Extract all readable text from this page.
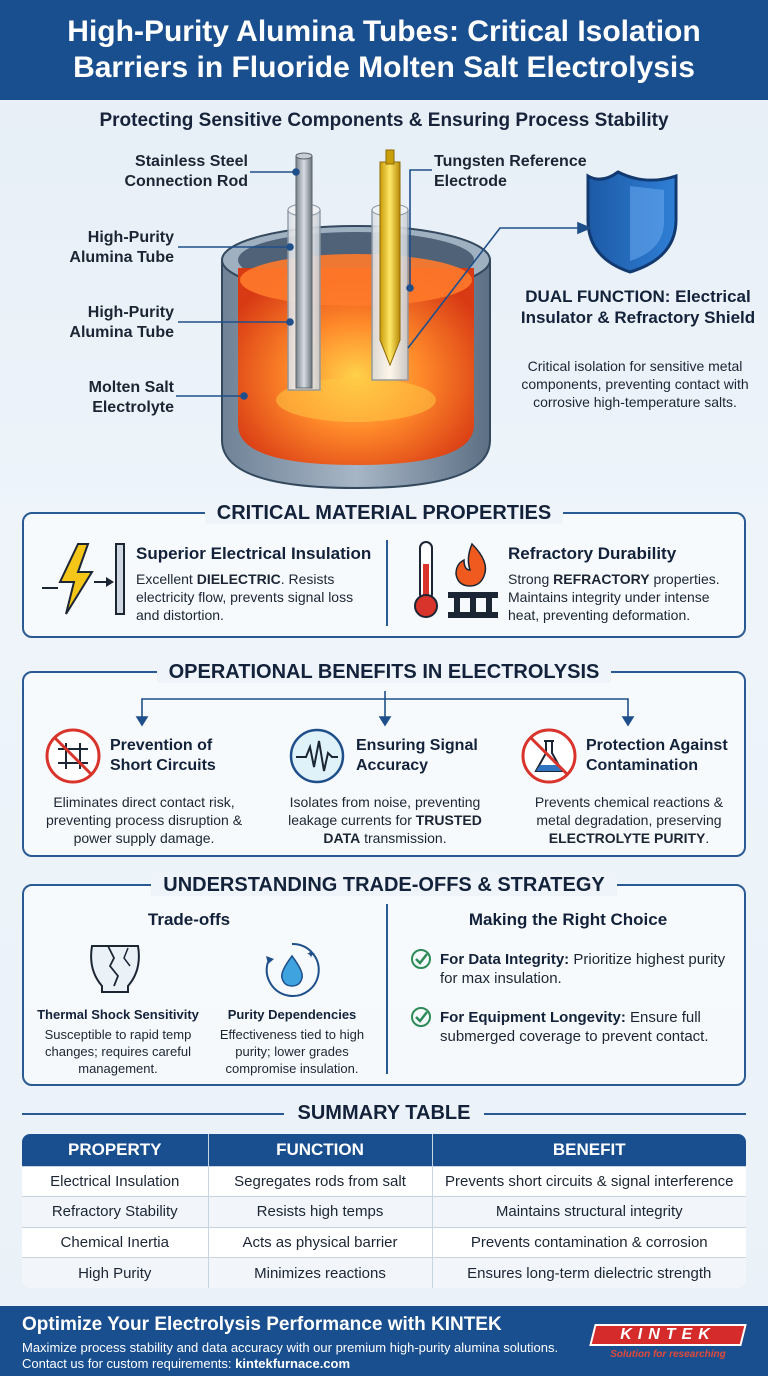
High-Purity Alumina Tubes: Critical Isolation Barriers in Fluoride Molten Salt Electrolysis
Protecting Sensitive Components & Ensuring Process Stability
Stainless Steel Connection Rod
High-Purity Alumina Tube
High-Purity Alumina Tube
Molten Salt Electrolyte
Tungsten Reference Electrode
DUAL FUNCTION: Electrical Insulator & Refractory Shield
Critical isolation for sensitive metal components, preventing contact with corrosive high-temperature salts.
CRITICAL MATERIAL PROPERTIES
Superior Electrical Insulation
Excellent DIELECTRIC. Resists electricity flow, prevents signal loss and distortion.
Refractory Durability
Strong REFRACTORY properties. Maintains integrity under intense heat, preventing deformation.
OPERATIONAL BENEFITS IN ELECTROLYSIS
Prevention of Short Circuits
Eliminates direct contact risk, preventing process disruption & power supply damage.
Ensuring Signal Accuracy
Isolates from noise, preventing leakage currents for TRUSTED DATA transmission.
Protection Against Contamination
Prevents chemical reactions & metal degradation, preserving ELECTROLYTE PURITY.
UNDERSTANDING TRADE-OFFS & STRATEGY
Trade-offs
Thermal Shock Sensitivity
Susceptible to rapid temp changes; requires careful management.
✦
Purity Dependencies
Effectiveness tied to high purity; lower grades compromise insulation.
Making the Right Choice
For Data Integrity: Prioritize highest purity for max insulation.
For Equipment Longevity: Ensure full submerged coverage to prevent contact.
SUMMARY TABLE
PROPERTY	FUNCTION	BENEFIT
Electrical Insulation	Segregates rods from salt	Prevents short circuits & signal interference
Refractory Stability	Resists high temps	Maintains structural integrity
Chemical Inertia	Acts as physical barrier	Prevents contamination & corrosion
High Purity	Minimizes reactions	Ensures long-term dielectric strength
Optimize Your Electrolysis Performance with KINTEK
Maximize process stability and data accuracy with our premium high-purity alumina solutions.
Contact us for custom requirements: kintekfurnace.com
KINTEK
Solution for researching
